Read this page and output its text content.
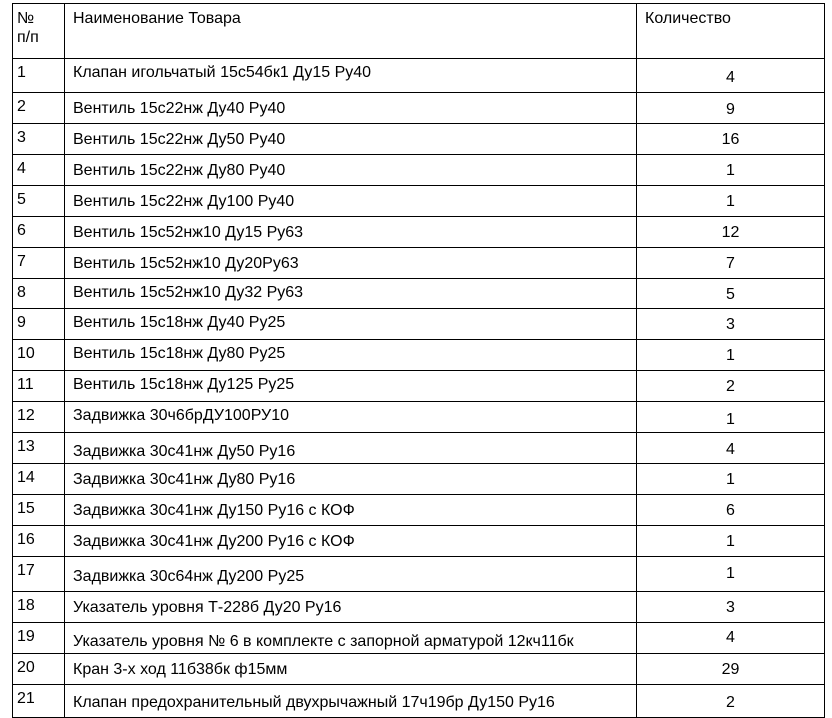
№ п/п	Наименование Товара	Количество
1	Клапан игольчатый 15с54бк1 Ду15 Ру40	4
2	Вентиль 15с22нж Ду40 Ру40	9
3	Вентиль 15с22нж Ду50 Ру40	16
4	Вентиль 15с22нж Ду80 Ру40	1
5	Вентиль 15с22нж Ду100 Ру40	1
6	Вентиль 15с52нж10 Ду15 Ру63	12
7	Вентиль 15с52нж10 Ду20Ру63	7
8	Вентиль 15с52нж10 Ду32 Ру63	5
9	Вентиль 15с18нж Ду40 Ру25	3
10	Вентиль 15с18нж Ду80 Ру25	1
11	Вентиль 15с18нж Ду125 Ру25	2
12	Задвижка 30ч6брДУ100РУ10	1
13	Задвижка 30с41нж Ду50 Ру16	4
14	Задвижка 30с41нж Ду80 Ру16	1
15	Задвижка 30с41нж Ду150 Ру16 с КОФ	6
16	Задвижка 30с41нж Ду200 Ру16 с КОФ	1
17	Задвижка 30с64нж Ду200 Ру25	1
18	Указатель уровня Т-228б Ду20 Ру16	3
19	Указатель уровня № 6 в комплекте с запорной арматурой 12кч11бк	4
20	Кран 3-х ход 11б38бк ф15мм	29
21	Клапан предохранительный двухрычажный 17ч19бр Ду150 Ру16	2
